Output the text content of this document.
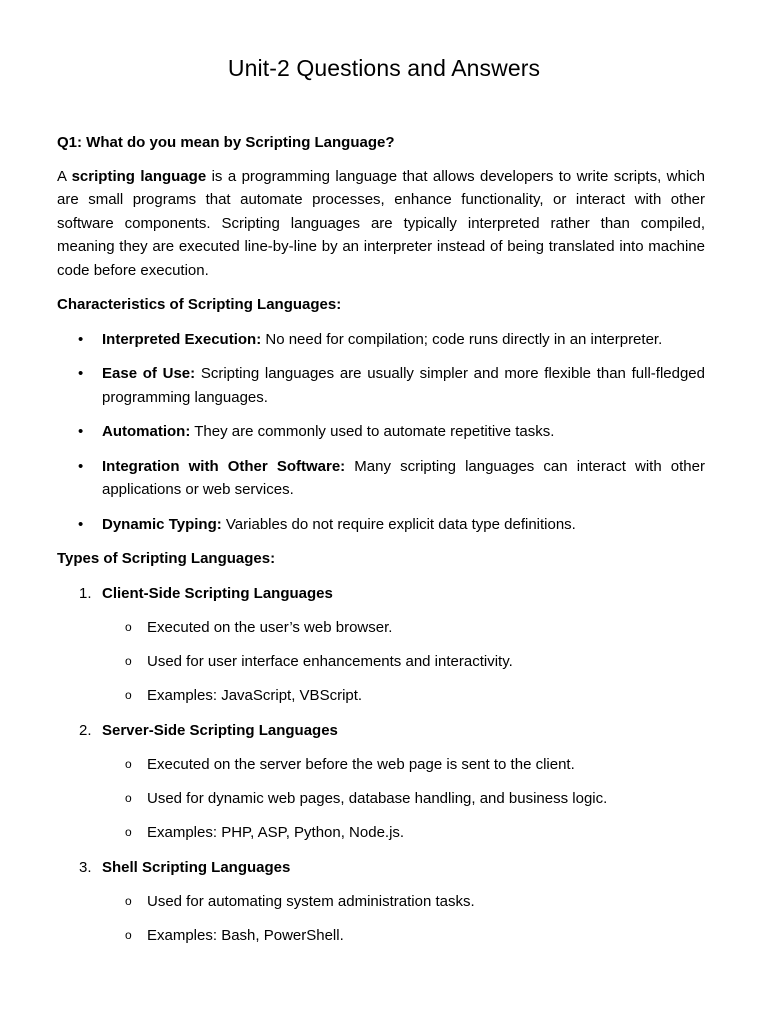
Unit-2 Questions and Answers
Q1: What do you mean by Scripting Language?

A scripting language is a programming language that allows developers to write scripts, which are small programs that automate processes, enhance functionality, or interact with other software components. Scripting languages are typically interpreted rather than compiled, meaning they are executed line-by-line by an interpreter instead of being translated into machine code before execution.

Characteristics of Scripting Languages:
• Interpreted Execution: No need for compilation; code runs directly in an interpreter.
• Ease of Use: Scripting languages are usually simpler and more flexible than full-fledged programming languages.
• Automation: They are commonly used to automate repetitive tasks.
• Integration with Other Software: Many scripting languages can interact with other applications or web services.
• Dynamic Typing: Variables do not require explicit data type definitions.
Types of Scripting Languages:
1. Client-Side Scripting Languages
o Executed on the user’s web browser.
o Used for user interface enhancements and interactivity.
o Examples: JavaScript, VBScript.
2. Server-Side Scripting Languages
o Executed on the server before the web page is sent to the client.
o Used for dynamic web pages, database handling, and business logic.
o Examples: PHP, ASP, Python, Node.js.
3. Shell Scripting Languages
o Used for automating system administration tasks.
o Examples: Bash, PowerShell.
